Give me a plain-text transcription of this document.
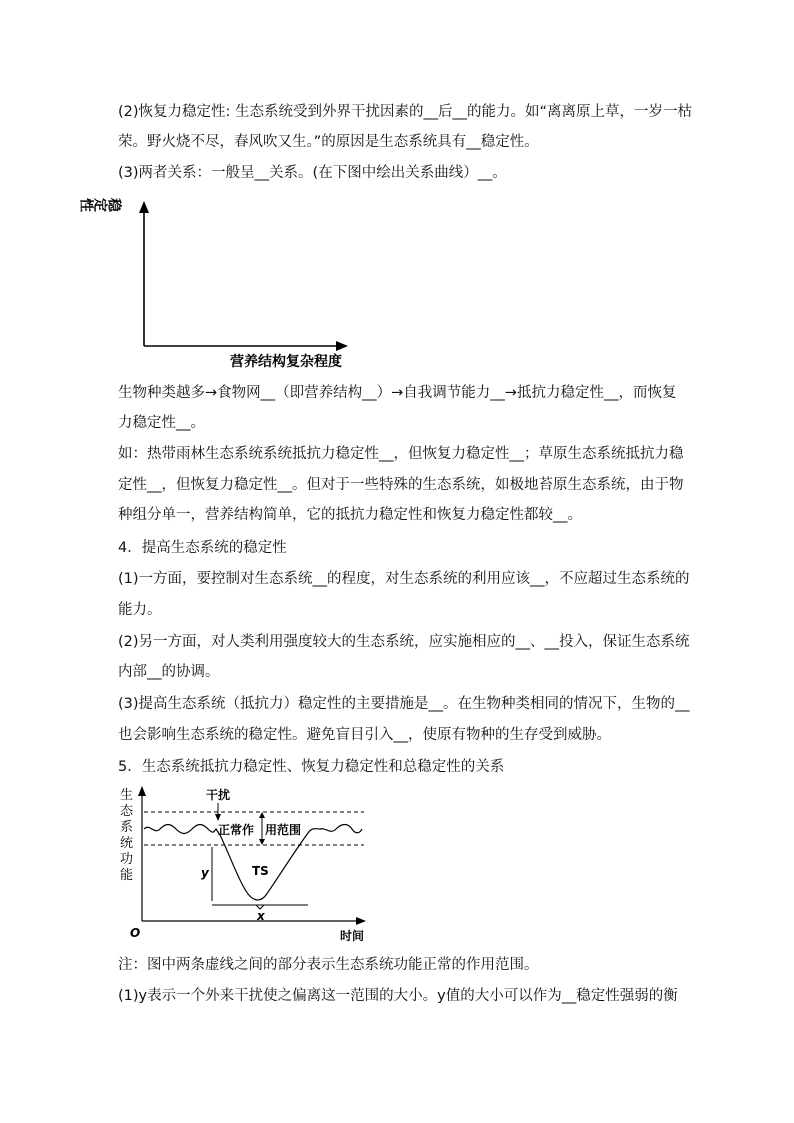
(2)恢复力稳定性: 生态系统受到外界干扰因素的__后__的能力。如“离离原上草，一岁一枯
荣。野火烧不尽，春风吹又生。”的原因是生态系统具有__稳定性。
(3)两者关系：一般呈__关系。(在下图中绘出关系曲线）__。
稳定性
营养结构复杂程度
生物种类越多→食物网__（即营养结构__）→自我调节能力__→抵抗力稳定性__，而恢复
力稳定性__。
如：热带雨林生态系统系统抵抗力稳定性__，但恢复力稳定性__；草原生态系统抵抗力稳
定性__，但恢复力稳定性__。但对于一些特殊的生态系统，如极地苔原生态系统，由于物
种组分单一，营养结构简单，它的抵抗力稳定性和恢复力稳定性都较__。
4．提高生态系统的稳定性
(1)一方面，要控制对生态系统__的程度，对生态系统的利用应该__，不应超过生态系统的
能力。
(2)另一方面，对人类利用强度较大的生态系统，应实施相应的__、__投入，保证生态系统
内部__的协调。
(3)提高生态系统（抵抗力）稳定性的主要措施是__。在生物种类相同的情况下，生物的__
也会影响生态系统的稳定性。避免盲目引入__，使原有物种的生存受到威胁。
5．生态系统抵抗力稳定性、恢复力稳定性和总稳定性的关系
生
态
系
统
功
能
O	时间
干扰
正常作 用范围
y	TS
x
注：图中两条虚线之间的部分表示生态系统功能正常的作用范围。
(1)y表示一个外来干扰使之偏离这一范围的大小。y值的大小可以作为__稳定性强弱的衡
